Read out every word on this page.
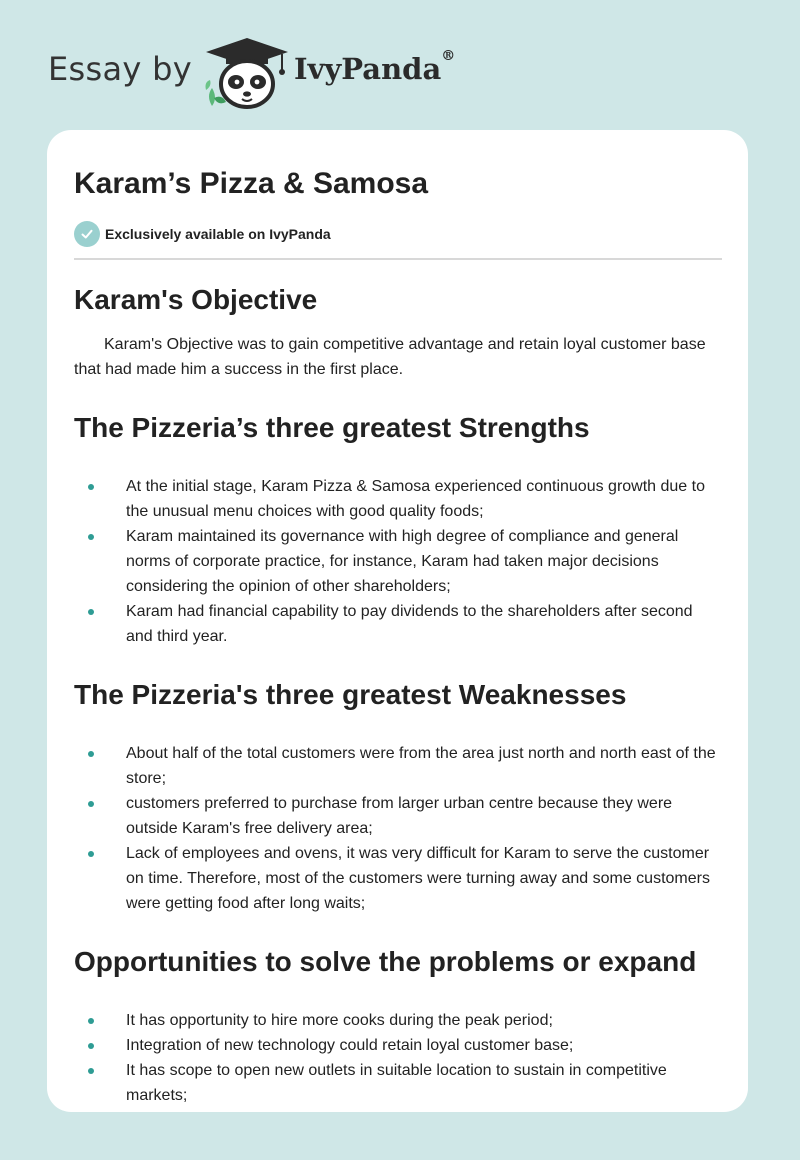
Essay by	IvyPanda®
Karam’s Pizza & Samosa
Exclusively available on IvyPanda
Karam's Objective

Karam's Objective was to gain competitive advantage and retain loyal customer base that had made him a success in the first place.

The Pizzeria’s three greatest Strengths
At the initial stage, Karam Pizza & Samosa experienced continuous growth due to the unusual menu choices with good quality foods;
Karam maintained its governance with high degree of compliance and general norms of corporate practice, for instance, Karam had taken major decisions considering the opinion of other shareholders;
Karam had financial capability to pay dividends to the shareholders after second and third year.
The Pizzeria's three greatest Weaknesses
About half of the total customers were from the area just north and north east of the store;
customers preferred to purchase from larger urban centre because they were outside Karam's free delivery area;
Lack of employees and ovens, it was very difficult for Karam to serve the customer on time. Therefore, most of the customers were turning away and some customers were getting food after long waits;
Opportunities to solve the problems or expand
It has opportunity to hire more cooks during the peak period;
Integration of new technology could retain loyal customer base;
It has scope to open new outlets in suitable location to sustain in competitive markets;
